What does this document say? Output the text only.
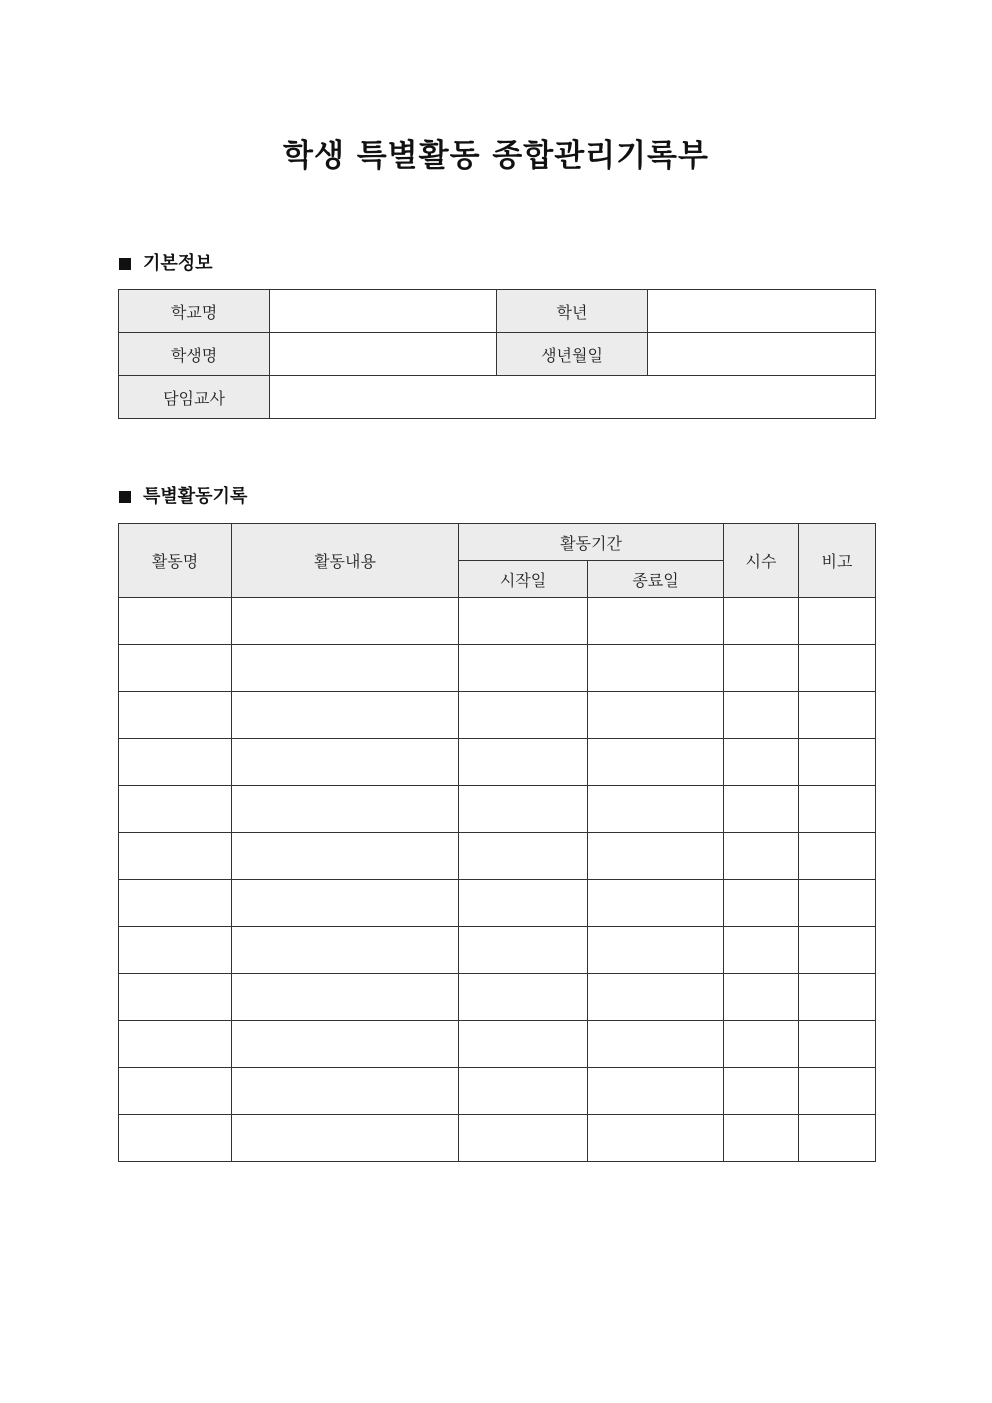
학생 특별활동 종합관리기록부
기본정보
학교명		학년	
학생명		생년월일	
담임교사			
특별활동기록
활동명	활동내용	활동기간		시수	비고
		시작일	종료일		
